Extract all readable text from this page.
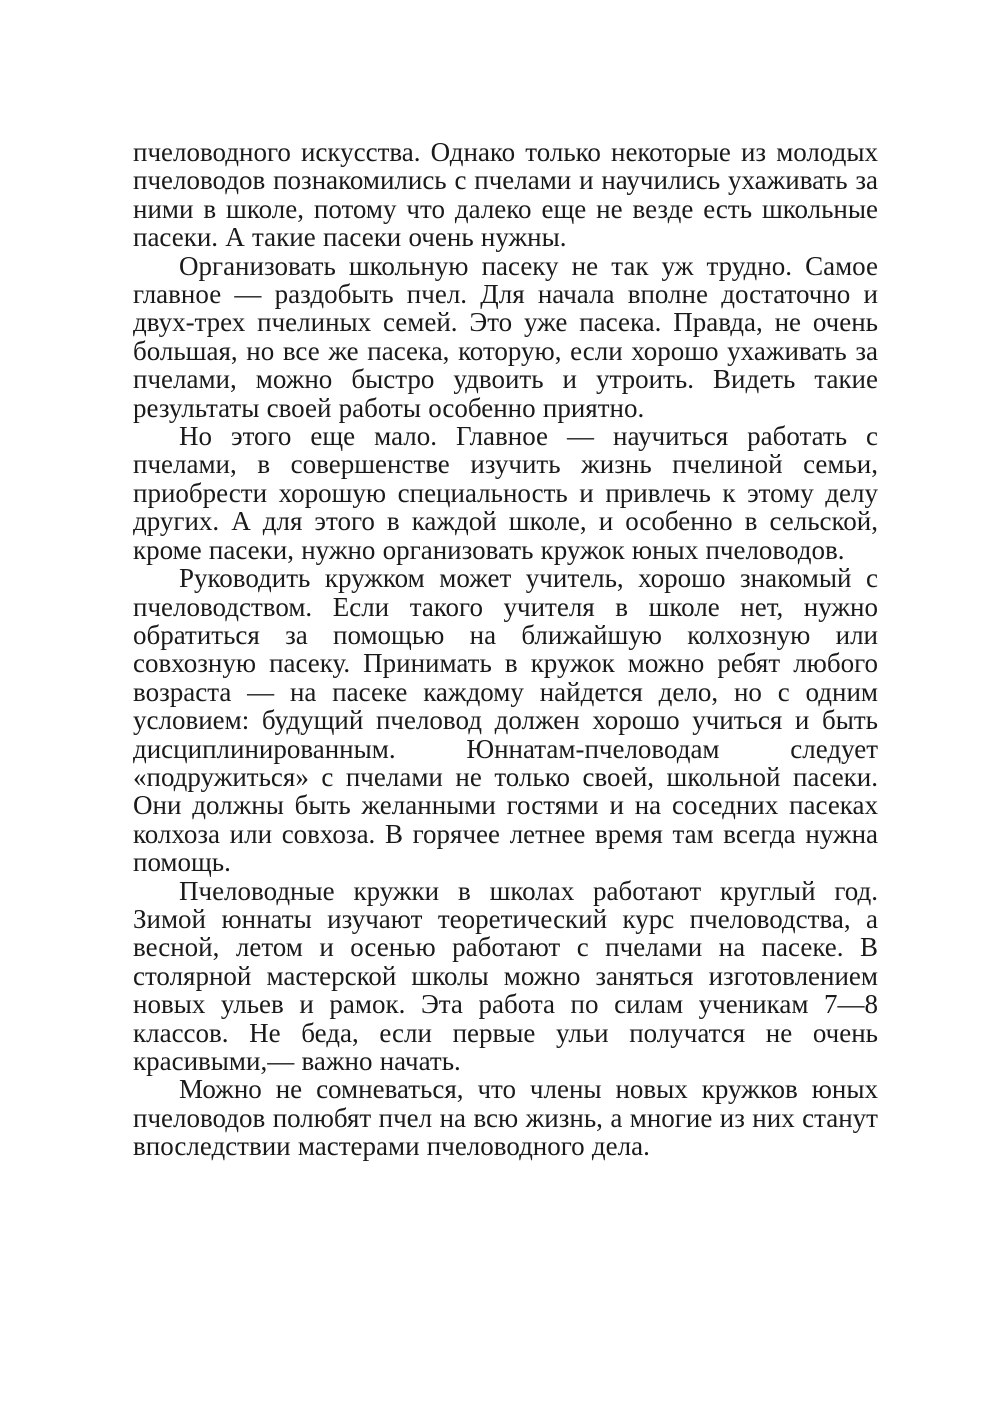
пчеловодного искусства. Однако только некоторые из молодых пчеловодов познакомились с пчелами и научились ухаживать за ними в школе, потому что далеко еще не везде есть школьные пасеки. А такие пасеки очень нужны.

Организовать школьную пасеку не так уж трудно. Самое главное — раздобыть пчел. Для начала вполне достаточно и двух-трех пчелиных семей. Это уже пасека. Правда, не очень большая, но все же пасека, которую, если хорошо ухаживать за пчелами, можно быстро удвоить и утроить. Видеть такие результаты своей работы особенно приятно.

Но этого еще мало. Главное — научиться работать с пчелами, в совершенстве изучить жизнь пчелиной семьи, приобрести хорошую специальность и привлечь к этому делу других. А для этого в каждой школе, и особенно в сельской, кроме пасеки, нужно организовать кружок юных пчеловодов.

Руководить кружком может учитель, хорошо знакомый с пчеловодством. Если такого учителя в школе нет, нужно обратиться за помощью на ближайшую колхозную или совхозную пасеку. Принимать в кружок можно ребят любого возраста — на пасеке каждому найдется дело, но с одним условием: будущий пчеловод должен хорошо учиться и быть дисциплинированным. Юннатам-пчеловодам следует «подружиться» с пчелами не только своей, школьной пасеки. Они должны быть желанными гостями и на соседних пасеках колхоза или совхоза. В горячее летнее время там всегда нужна помощь.

Пчеловодные кружки в школах работают круглый год. Зимой юннаты изучают теоретический курс пчеловодства, а весной, летом и осенью работают с пчелами на пасеке. В столярной мастерской школы можно заняться изготовлением новых ульев и рамок. Эта работа по силам ученикам 7—8 классов. Не беда, если первые ульи получатся не очень красивыми,— важно начать.

Можно не сомневаться, что члены новых кружков юных пчеловодов полюбят пчел на всю жизнь, а многие из них станут впоследствии мастерами пчеловодного дела.
